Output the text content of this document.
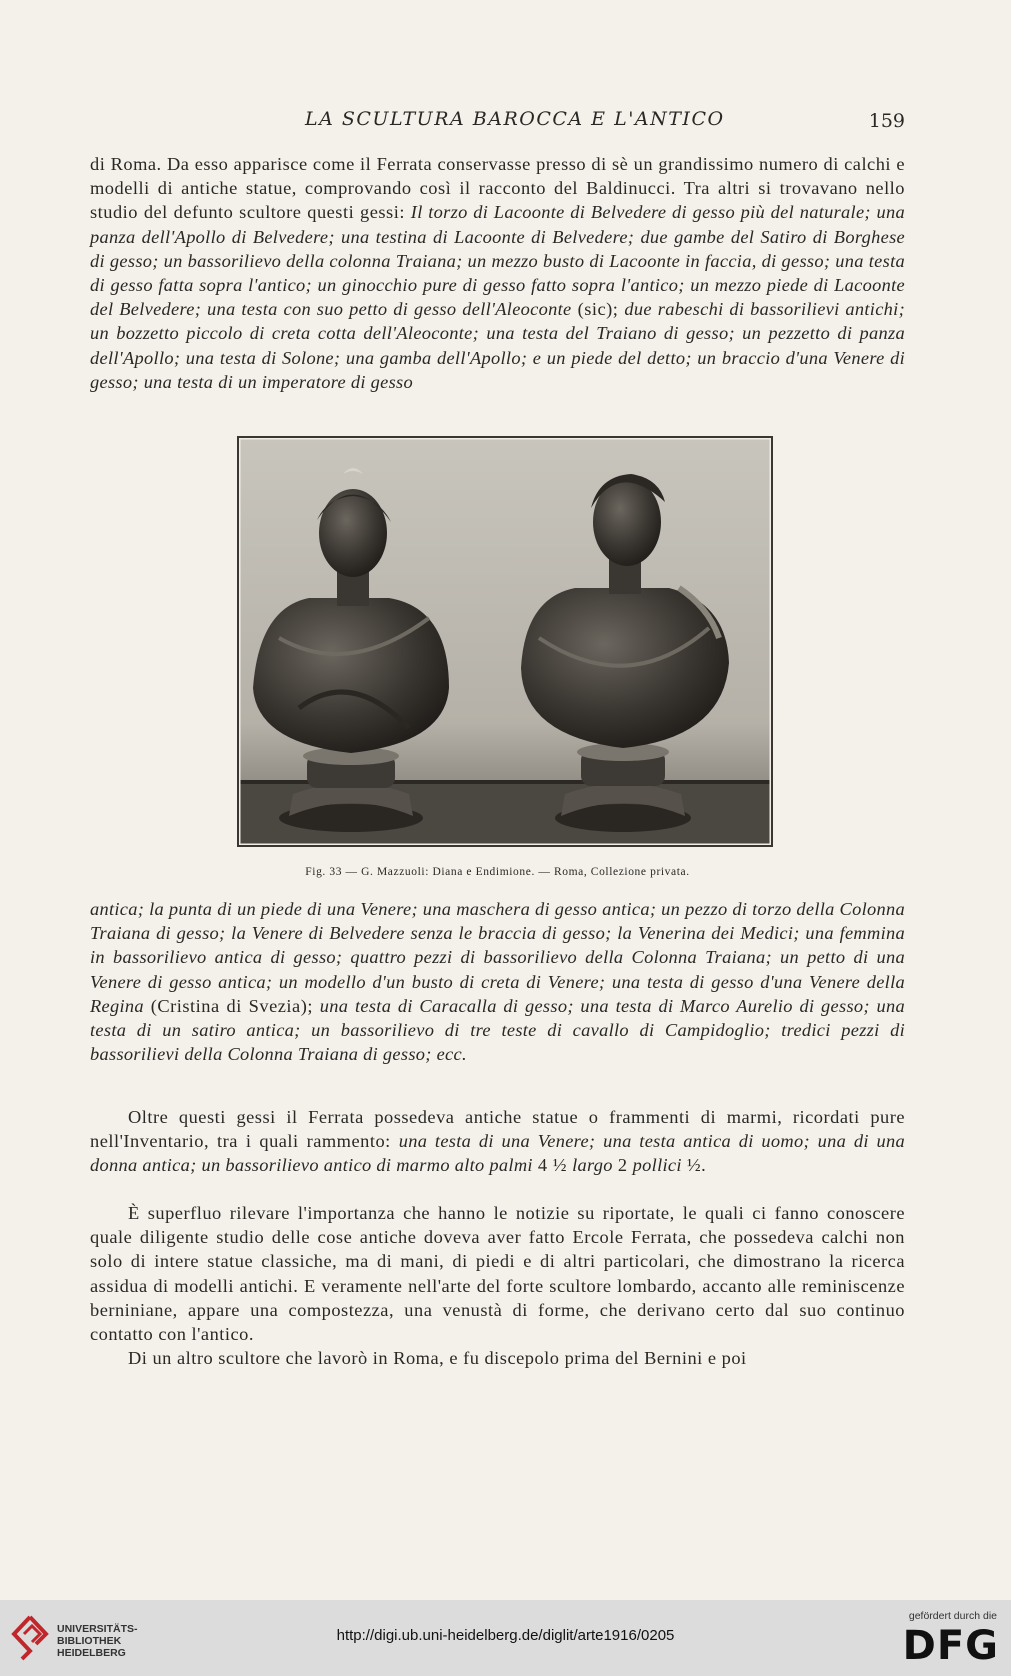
LA SCULTURA BAROCCA E L'ANTICO	159

di Roma. Da esso apparisce come il Ferrata conservasse presso di sè un grandissimo numero di calchi e modelli di antiche statue, comprovando così il racconto del Baldinucci. Tra altri si trovavano nello studio del defunto scultore questi gessi: Il torzo di Lacoonte di Belvedere di gesso più del naturale; una panza dell'Apollo di Belvedere; una testina di Lacoonte di Belvedere; due gambe del Satiro di Borghese di gesso; un bassorilievo della colonna Traiana; un mezzo busto di Lacoonte in faccia, di gesso; una testa di gesso fatta sopra l'antico; un ginocchio pure di gesso fatto sopra l'antico; un mezzo piede di Lacoonte del Belvedere; una testa con suo petto di gesso dell'Aleoconte (sic); due rabeschi di bassorilievi antichi; un bozzetto piccolo di creta cotta dell'Aleoconte; una testa del Traiano di gesso; un pezzetto di panza dell'Apollo; una testa di Solone; una gamba dell'Apollo; e un piede del detto; un braccio d'una Venere di gesso; una testa di un imperatore di gesso

Fig. 33 — G. Mazzuoli: Diana e Endimione. — Roma, Collezione privata.

antica; la punta di un piede di una Venere; una maschera di gesso antica; un pezzo di torzo della Colonna Traiana di gesso; la Venere di Belvedere senza le braccia di gesso; la Venerina dei Medici; una femmina in bassorilievo antica di gesso; quattro pezzi di bassorilievo della Colonna Traiana; un petto di una Venere di gesso antica; un modello d'un busto di creta di Venere; una testa di gesso d'una Venere della Regina (Cristina di Svezia); una testa di Caracalla di gesso; una testa di Marco Aurelio di gesso; una testa di un satiro antica; un bassorilievo di tre teste di cavallo di Campidoglio; tredici pezzi di bassorilievi della Colonna Traiana di gesso; ecc.

Oltre questi gessi il Ferrata possedeva antiche statue o frammenti di marmi, ricordati pure nell'Inventario, tra i quali rammento: una testa di una Venere; una testa antica di uomo; una di una donna antica; un bassorilievo antico di marmo alto palmi 4 ½ largo 2 pollici ½.

È superfluo rilevare l'importanza che hanno le notizie su riportate, le quali ci fanno conoscere quale diligente studio delle cose antiche doveva aver fatto Ercole Ferrata, che possedeva calchi non solo di intere statue classiche, ma di mani, di piedi e di altri particolari, che dimostrano la ricerca assidua di modelli antichi. E veramente nell'arte del forte scultore lombardo, accanto alle reminiscenze berniniane, appare una compostezza, una venustà di forme, che derivano certo dal suo continuo contatto con l'antico.

Di un altro scultore che lavorò in Roma, e fu discepolo prima del Bernini e poi

UNIVERSITÄTS-
BIBLIOTHEK
HEIDELBERG
http://digi.ub.uni-heidelberg.de/diglit/arte1916/0205
gefördert durch die
DFG
